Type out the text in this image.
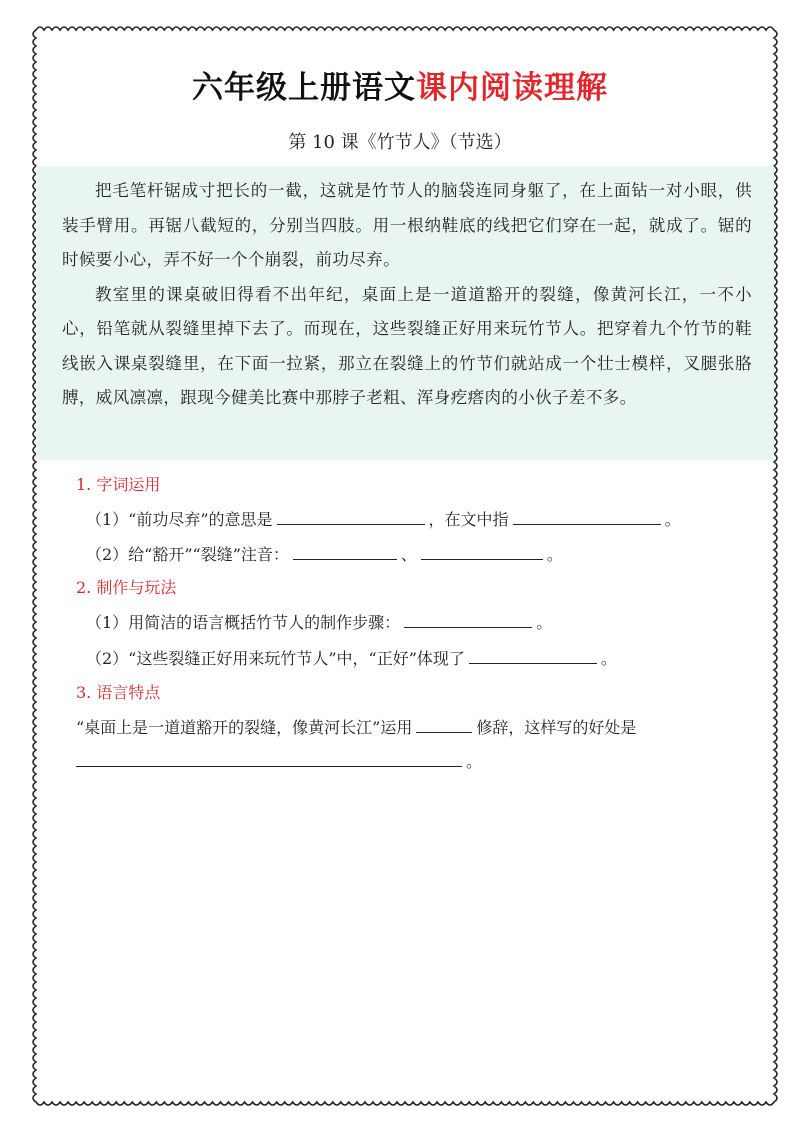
六年级上册语文课内阅读理解
第 10 课《竹节人》（节选）

把毛笔杆锯成寸把长的一截，这就是竹节人的脑袋连同身躯了，在上面钻一对小眼，供装手臂用。再锯八截短的，分别当四肢。用一根纳鞋底的线把它们穿在一起，就成了。锯的时候要小心，弄不好一个个崩裂，前功尽弃。

教室里的课桌破旧得看不出年纪，桌面上是一道道豁开的裂缝，像黄河长江，一不小心，铅笔就从裂缝里掉下去了。而现在，这些裂缝正好用来玩竹节人。把穿着九个竹节的鞋线嵌入课桌裂缝里，在下面一拉紧，那立在裂缝上的竹节们就站成一个壮士模样，叉腿张胳膊，威风凛凛，跟现今健美比赛中那脖子老粗、浑身疙瘩肉的小伙子差不多。

1. 字词运用
（1）“前功尽弃”的意思是	，在文中指	。
（2）给“豁开”“裂缝”注音：	、	。
2. 制作与玩法
（1）用简洁的语言概括竹节人的制作步骤：	。
（2）“这些裂缝正好用来玩竹节人”中，“正好”体现了	。
3. 语言特点
“桌面上是一道道豁开的裂缝，像黄河长江”运用	修辞，这样写的好处是
。
